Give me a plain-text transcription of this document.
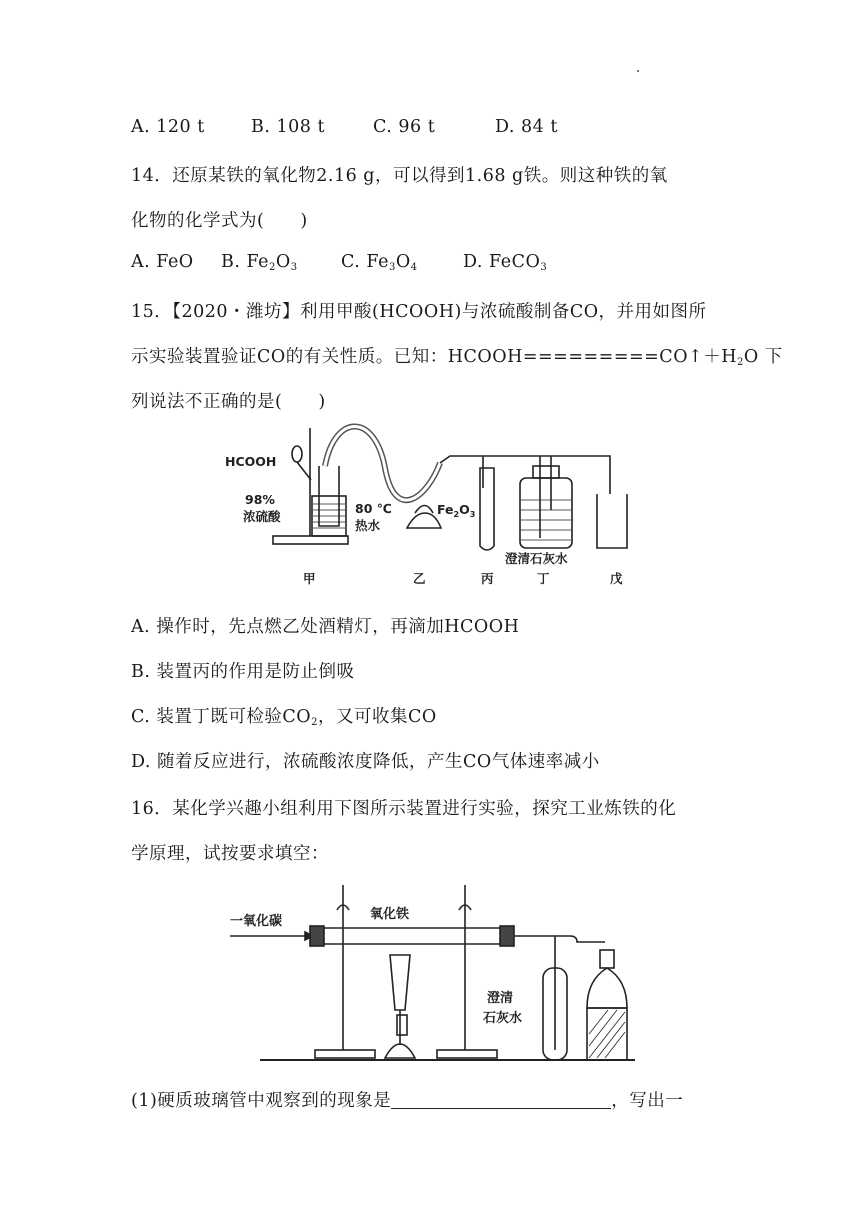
A. 120 t	B. 108 t	C. 96 t	D. 84 t
14．还原某铁的氧化物2.16 g，可以得到1.68 g铁。则这种铁的氧
化物的化学式为(　　)
A. FeO B. $Fe_2O_3$ C. $Fe_3O_4$	D. FeCO$_3$
15．【2020・潍坊】利用甲酸(HCOOH)与浓硫酸制备CO，并用如图所
示实验装置验证CO的有关性质。已知：$HCOOH=========CO↑+H_2O$ 下
列说法不正确的是(　　)
HCOOH
98%
浓硫酸
80 ℃
热水
$Fe_2O_3$
澄清石灰水
甲	乙	丙	丁	戊
A. 操作时，先点燃乙处酒精灯，再滴加HCOOH
B. 装置丙的作用是防止倒吸
C. 装置丁既可检验$CO_2$，又可收集CO
D. 随着反应进行，浓硫酸浓度降低，产生CO气体速率减小
16．某化学兴趣小组利用下图所示装置进行实验，探究工业炼铁的化
学原理，试按要求填空：
一氧化碳	氧化铁
澄清
石灰水
(1)硬质玻璃管中观察到的现象是	，写出一
